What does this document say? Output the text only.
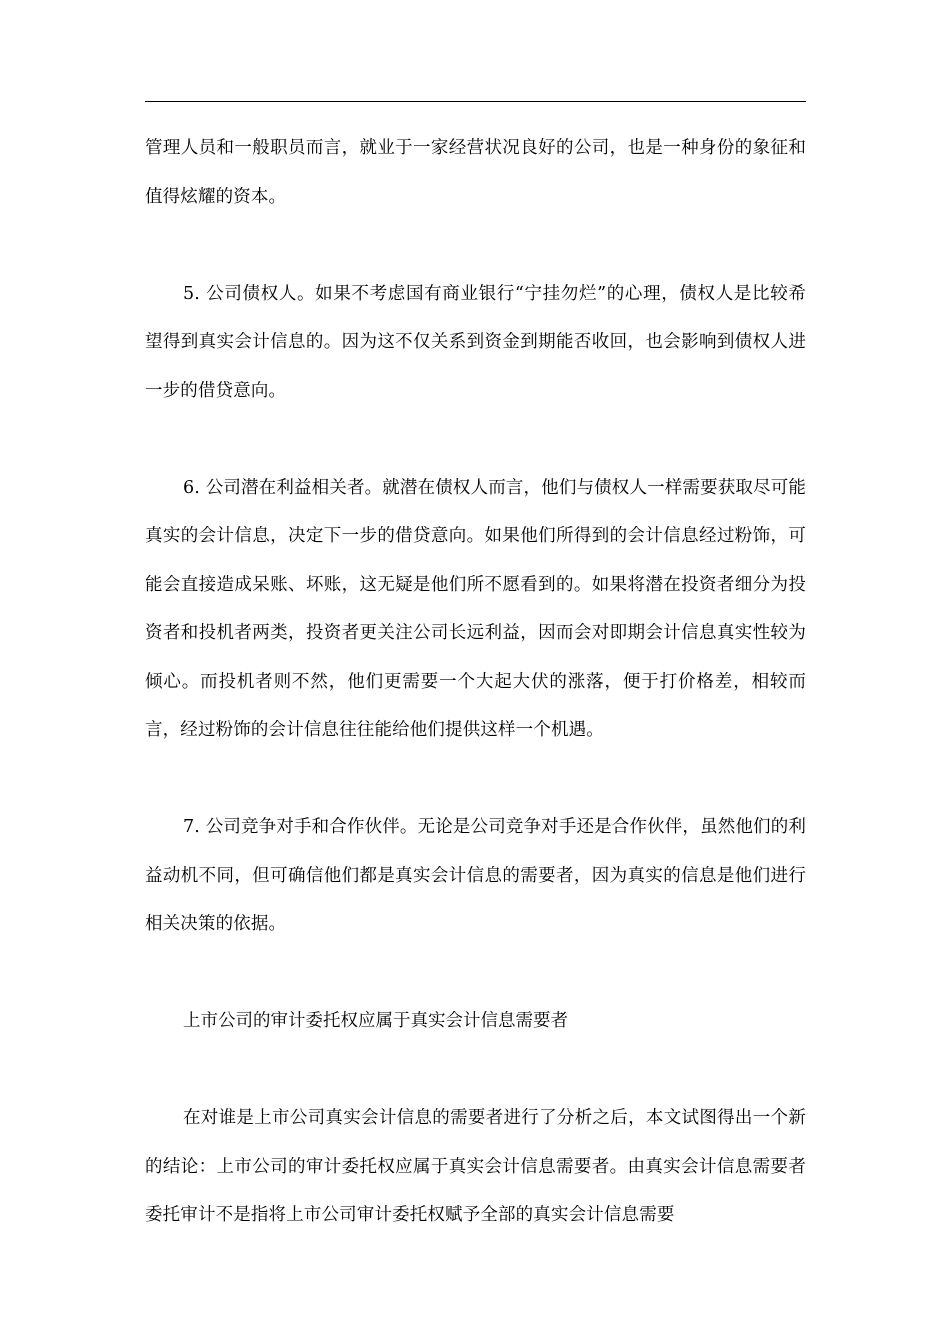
管理人员和一般职员而言，就业于一家经营状况良好的公司，也是一种身份的象征和值得炫耀的资本。

5. 公司债权人。如果不考虑国有商业银行“宁挂勿烂”的心理，债权人是比较希望得到真实会计信息的。因为这不仅关系到资金到期能否收回，也会影响到债权人进一步的借贷意向。

6. 公司潜在利益相关者。就潜在债权人而言，他们与债权人一样需要获取尽可能真实的会计信息，决定下一步的借贷意向。如果他们所得到的会计信息经过粉饰，可能会直接造成呆账、坏账，这无疑是他们所不愿看到的。如果将潜在投资者细分为投资者和投机者两类，投资者更关注公司长远利益，因而会对即期会计信息真实性较为倾心。而投机者则不然，他们更需要一个大起大伏的涨落，便于打价格差，相较而言，经过粉饰的会计信息往往能给他们提供这样一个机遇。

7. 公司竞争对手和合作伙伴。无论是公司竞争对手还是合作伙伴，虽然他们的利益动机不同，但可确信他们都是真实会计信息的需要者，因为真实的信息是他们进行相关决策的依据。

上市公司的审计委托权应属于真实会计信息需要者

在对谁是上市公司真实会计信息的需要者进行了分析之后，本文试图得出一个新的结论：上市公司的审计委托权应属于真实会计信息需要者。由真实会计信息需要者委托审计不是指将上市公司审计委托权赋予全部的真实会计信息需要
